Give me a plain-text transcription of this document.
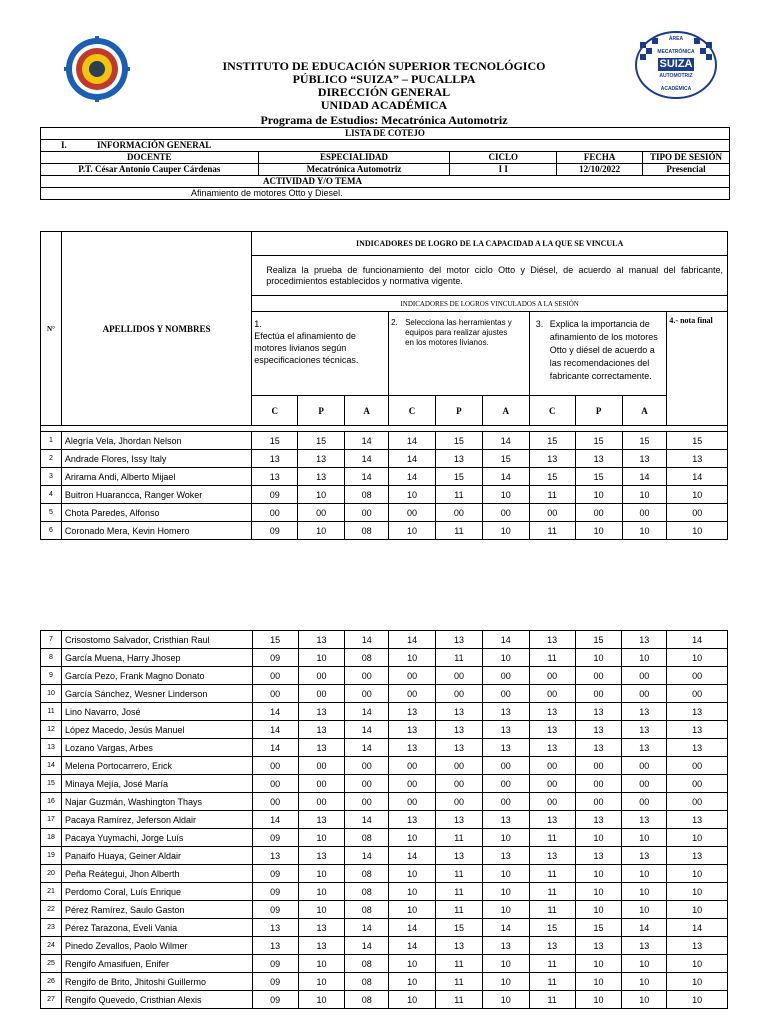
ÁREA
MECATRÓNICA
SUIZA
AUTOMOTRIZ
ACADÉMICA
INSTITUTO DE EDUCACIÓN SUPERIOR TECNOLÓGICO
PÚBLICO “SUIZA” – PUCALLPA
DIRECCIÓN GENERAL
UNIDAD ACADÉMICA
Programa de Estudios: Mecatrónica Automotriz
LISTA DE COTEJO				
I. INFORMACIÓN GENERAL				
DOCENTE	ESPECIALIDAD	CICLO	FECHA	TIPO DE SESIÓN
P.T. César Antonio Cauper Cárdenas	Mecatrónica Automotriz	I I	12/10/2022	Presencial
ACTIVIDAD Y/O TEMA				
Afinamiento de motores Otto y Diesel.				
N°	APELLIDOS Y NOMBRES	INDICADORES DE LOGRO DE LA CAPACIDAD A LA QUE SE VINCULA									
		Realiza la prueba de funcionamiento del motor ciclo Otto y Diésel, de acuerdo al manual del fabricante, procedimientos establecidos y normativa vigente.									
		INDICADORES DE LOGROS VINCULADOS A LA SESIÓN									
		1.Efectúa el afinamiento de motores livianos según especificaciones técnicas.			2. Selecciona las herramientas y equipos para realizar ajustes en los motores livianos.			3. Explica la importancia de afinamiento de los motores Otto y diésel de acuerdo a las recomendaciones del fabricante correctamente.			4.- nota final
		C	P	A	C	P	A	C	P	A	

1	Alegría Vela, Jhordan Nelson	15	15	14	14	15	14	15	15	15	15
2	Andrade Flores, Issy Italy	13	13	14	14	13	15	13	13	13	13
3	Arirama Andi, Alberto Mijael	13	13	14	14	15	14	15	15	14	14
4	Buitron Huarancca, Ranger Woker	09	10	08	10	11	10	11	10	10	10
5	Chota Paredes, Alfonso	00	00	00	00	00	00	00	00	00	00
6	Coronado Mera, Kevin Homero	09	10	08	10	11	10	11	10	10	10
7	Crisostomo Salvador, Cristhian Raul	15	13	14	14	13	14	13	15	13	14
8	García Muena, Harry Jhosep	09	10	08	10	11	10	11	10	10	10
9	García Pezo, Frank Magno Donato	00	00	00	00	00	00	00	00	00	00
10	García Sánchez, Wesner Linderson	00	00	00	00	00	00	00	00	00	00
11	Lino Navarro, José	14	13	14	13	13	13	13	13	13	13
12	López Macedo, Jesús Manuel	14	13	14	13	13	13	13	13	13	13
13	Lozano Vargas, Arbes	14	13	14	13	13	13	13	13	13	13
14	Melena Portocarrero, Erick	00	00	00	00	00	00	00	00	00	00
15	Minaya Mejía, José María	00	00	00	00	00	00	00	00	00	00
16	Najar Guzmán, Washington Thays	00	00	00	00	00	00	00	00	00	00
17	Pacaya Ramírez, Jeferson Aldair	14	13	14	13	13	13	13	13	13	13
18	Pacaya Yuymachi, Jorge Luís	09	10	08	10	11	10	11	10	10	10
19	Panaifo Huaya, Geiner Aldair	13	13	14	14	13	13	13	13	13	13
20	Peña Reátegui, Jhon Alberth	09	10	08	10	11	10	11	10	10	10
21	Perdomo Coral, Luís Enrique	09	10	08	10	11	10	11	10	10	10
22	Pérez Ramírez, Saulo Gaston	09	10	08	10	11	10	11	10	10	10
23	Pérez Tarazona, Eveli Vania	13	13	14	14	15	14	15	15	14	14
24	Pinedo Zevallos, Paolo Wilmer	13	13	14	14	13	13	13	13	13	13
25	Rengifo Amasifuen, Enifer	09	10	08	10	11	10	11	10	10	10
26	Rengifo de Brito, Jhitoshi Guillermo	09	10	08	10	11	10	11	10	10	10
27	Rengifo Quevedo, Cristhian Alexis	09	10	08	10	11	10	11	10	10	10
